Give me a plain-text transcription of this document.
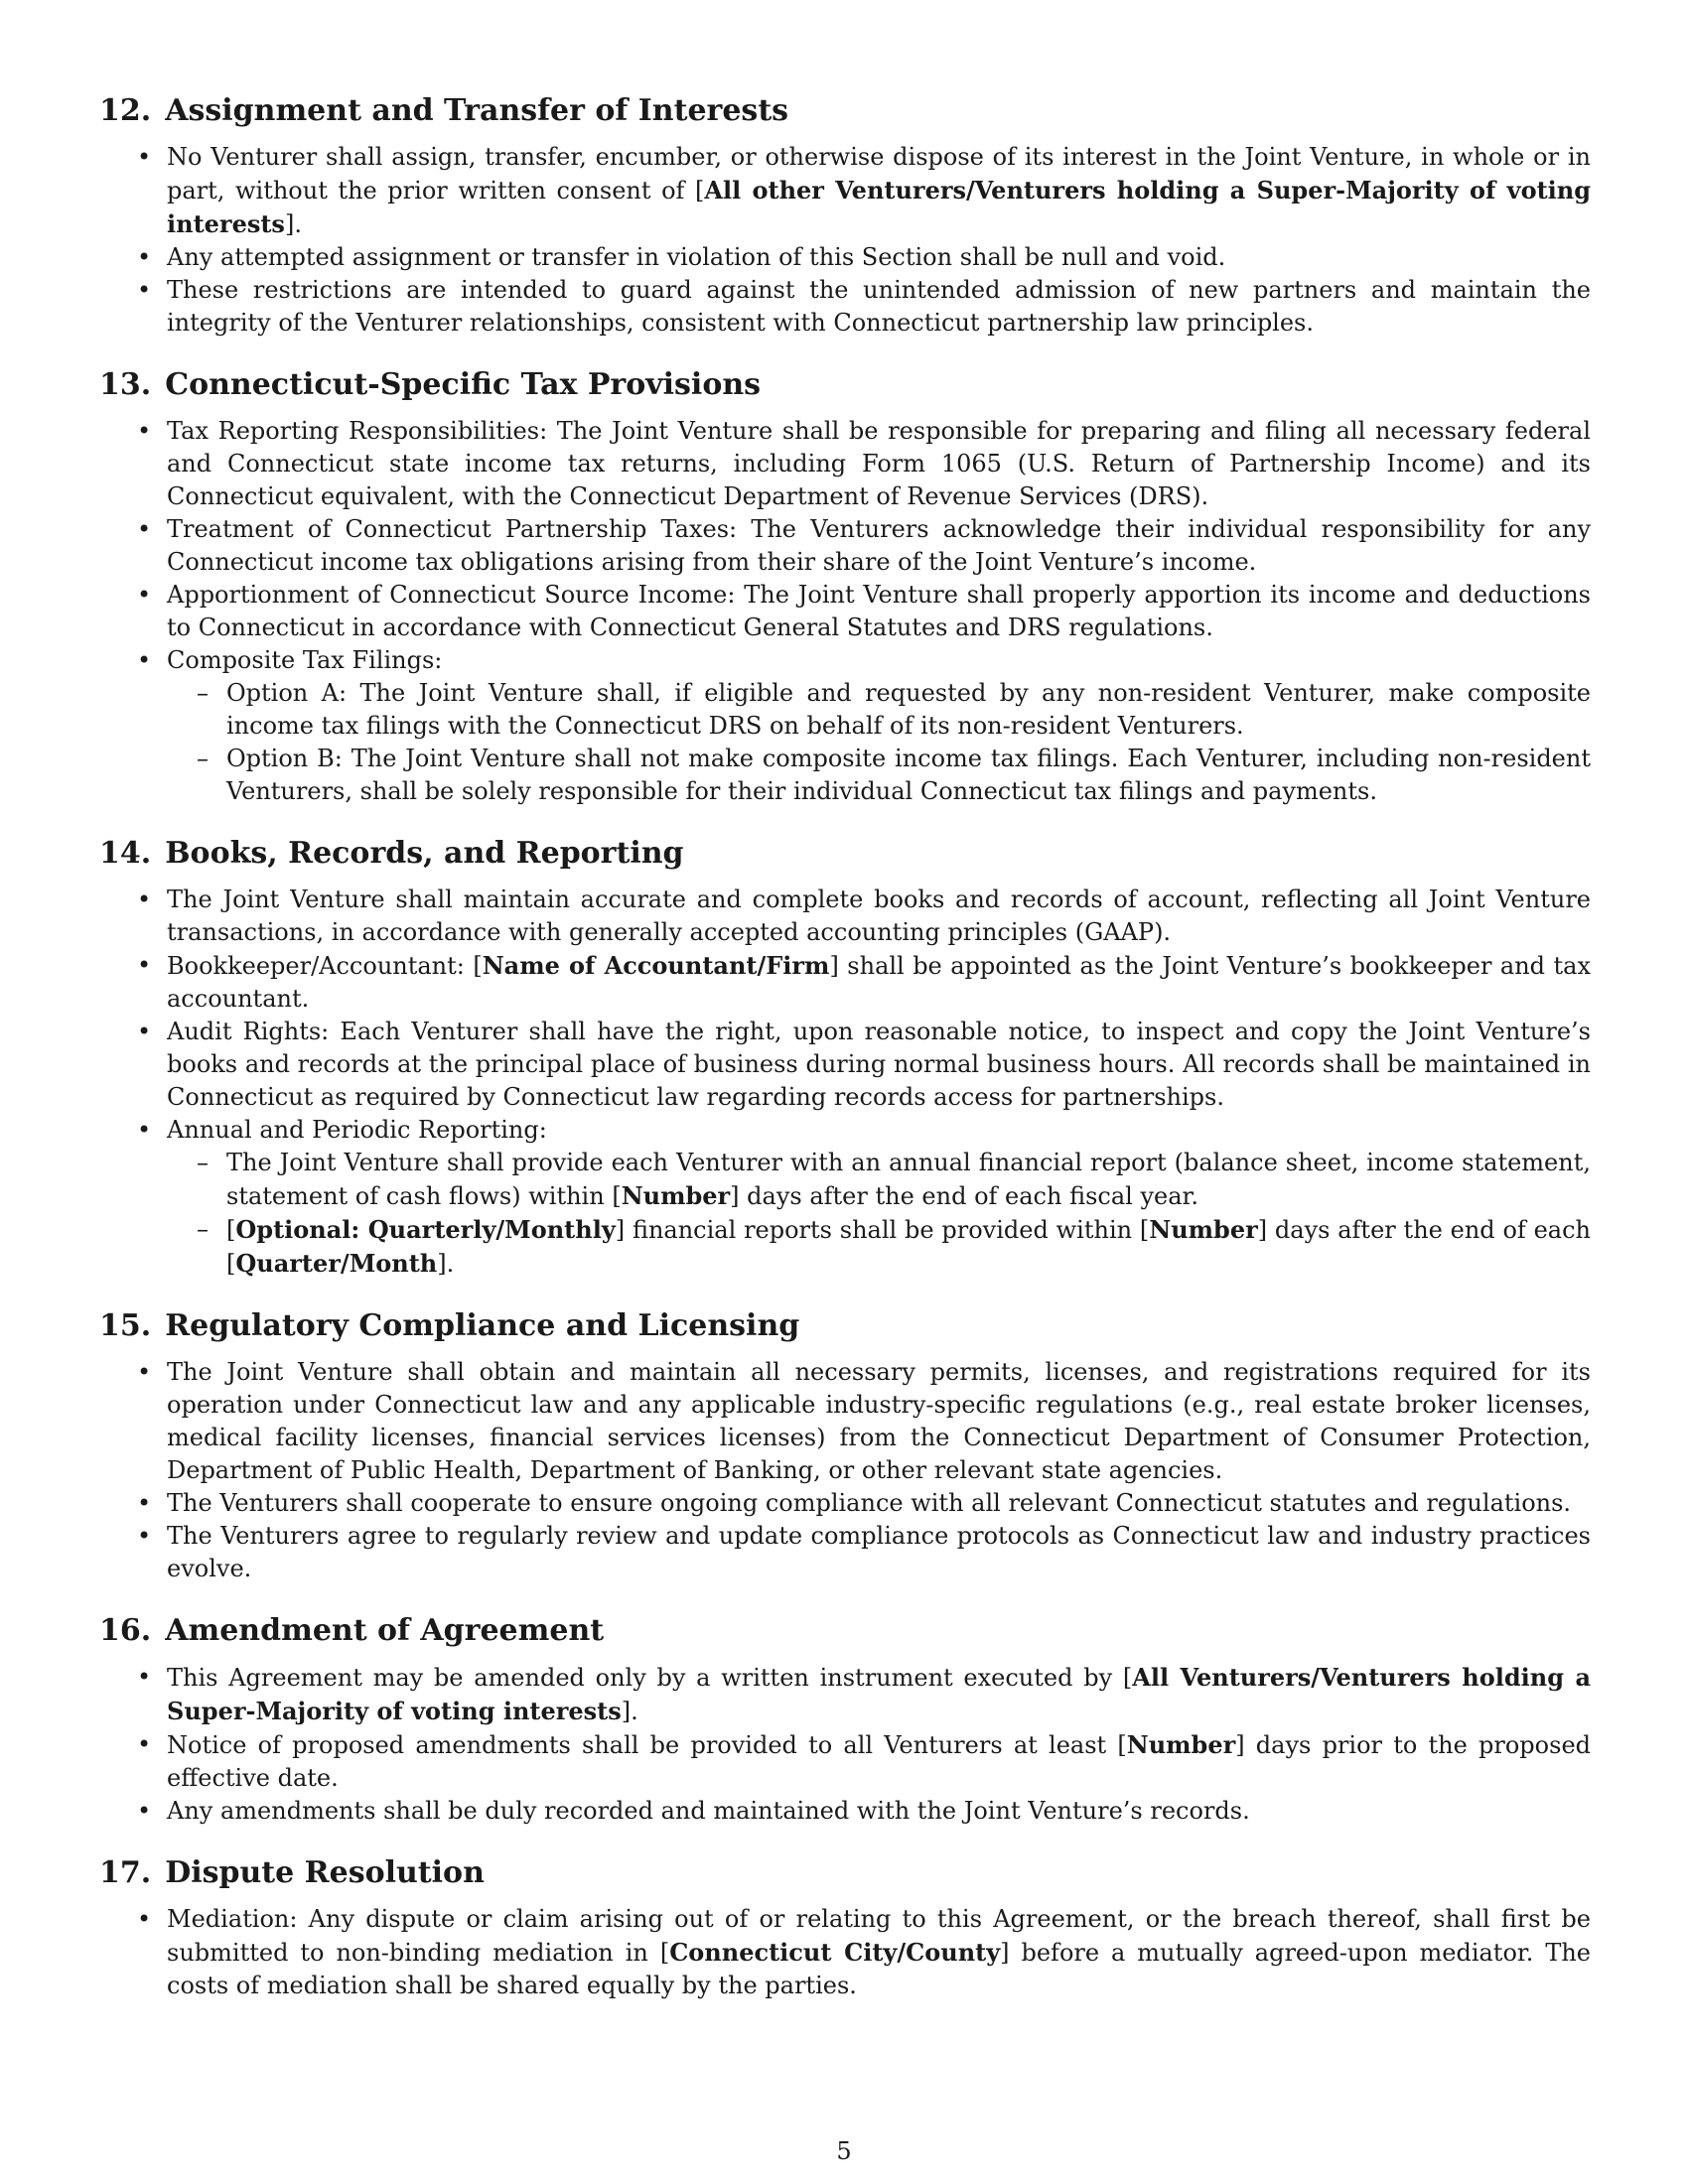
12. Assignment and Transfer of Interests
• No Venturer shall assign, transfer, encumber, or otherwise dispose of its interest in the Joint Venture, in whole or in part, without the prior written consent of [All other Venturers/Venturers holding a Super-Majority of voting interests].
• Any attempted assignment or transfer in violation of this Section shall be null and void.
• These restrictions are intended to guard against the unintended admission of new partners and maintain the integrity of the Venturer relationships, consistent with Connecticut partnership law principles.
13. Connecticut-Specific Tax Provisions
• Tax Reporting Responsibilities: The Joint Venture shall be responsible for preparing and filing all necessary federal and Connecticut state income tax returns, including Form 1065 (U.S. Return of Partnership Income) and its Connecticut equivalent, with the Connecticut Department of Revenue Services (DRS).
• Treatment of Connecticut Partnership Taxes: The Venturers acknowledge their individual responsibility for any Connecticut income tax obligations arising from their share of the Joint Venture’s income.
• Apportionment of Connecticut Source Income: The Joint Venture shall properly apportion its income and deductions to Connecticut in accordance with Connecticut General Statutes and DRS regulations.
• Composite Tax Filings:
– Option A: The Joint Venture shall, if eligible and requested by any non-resident Venturer, make composite income tax filings with the Connecticut DRS on behalf of its non-resident Venturers.
– Option B: The Joint Venture shall not make composite income tax filings. Each Venturer, including non-resident Venturers, shall be solely responsible for their individual Connecticut tax filings and payments.
14. Books, Records, and Reporting
• The Joint Venture shall maintain accurate and complete books and records of account, reflecting all Joint Venture transactions, in accordance with generally accepted accounting principles (GAAP).
• Bookkeeper/Accountant: [Name of Accountant/Firm] shall be appointed as the Joint Venture’s bookkeeper and tax accountant.
• Audit Rights: Each Venturer shall have the right, upon reasonable notice, to inspect and copy the Joint Venture’s books and records at the principal place of business during normal business hours. All records shall be maintained in Connecticut as required by Connecticut law regarding records access for partnerships.
• Annual and Periodic Reporting:
– The Joint Venture shall provide each Venturer with an annual financial report (balance sheet, income statement, statement of cash flows) within [Number] days after the end of each fiscal year.
– [Optional: Quarterly/Monthly] financial reports shall be provided within [Number] days after the end of each [Quarter/Month].
15. Regulatory Compliance and Licensing
• The Joint Venture shall obtain and maintain all necessary permits, licenses, and registrations required for its operation under Connecticut law and any applicable industry-specific regulations (e.g., real estate broker licenses, medical facility licenses, financial services licenses) from the Connecticut Department of Consumer Protection, Department of Public Health, Department of Banking, or other relevant state agencies.
• The Venturers shall cooperate to ensure ongoing compliance with all relevant Connecticut statutes and regulations.
• The Venturers agree to regularly review and update compliance protocols as Connecticut law and industry practices evolve.
16. Amendment of Agreement
• This Agreement may be amended only by a written instrument executed by [All Venturers/Venturers holding a Super-Majority of voting interests].
• Notice of proposed amendments shall be provided to all Venturers at least [Number] days prior to the proposed effective date.
• Any amendments shall be duly recorded and maintained with the Joint Venture’s records.
17. Dispute Resolution
• Mediation: Any dispute or claim arising out of or relating to this Agreement, or the breach thereof, shall first be submitted to non-binding mediation in [Connecticut City/County] before a mutually agreed-upon mediator. The costs of mediation shall be shared equally by the parties.
5
